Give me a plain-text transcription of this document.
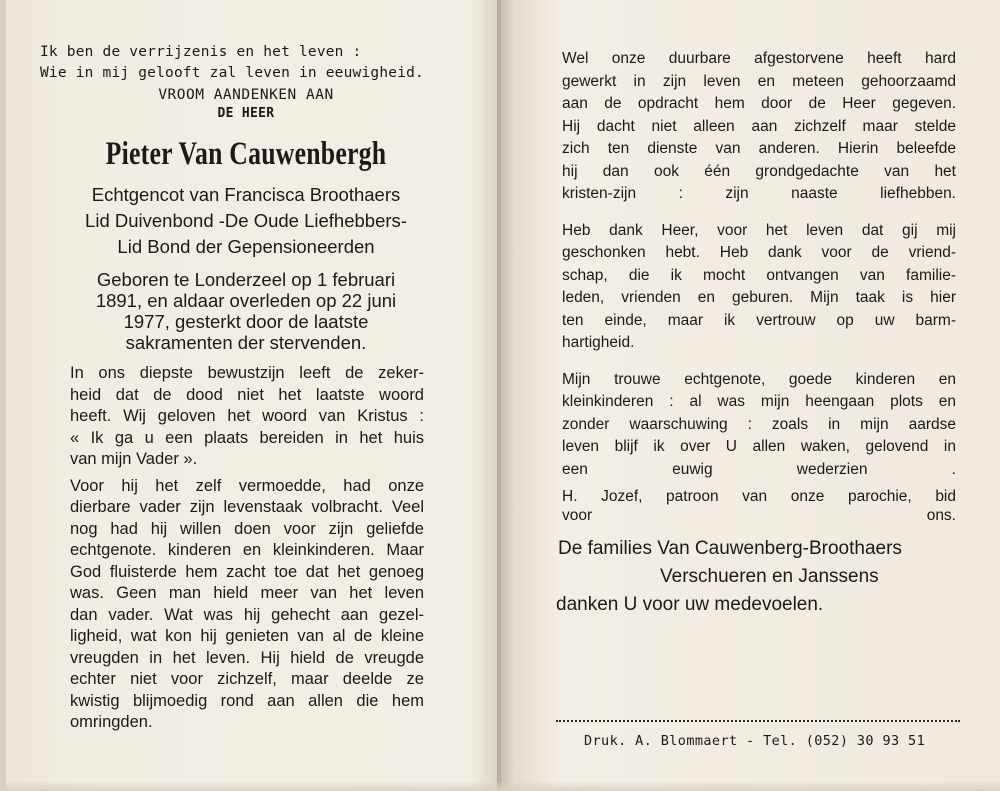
Ik ben de verrijzenis en het leven :
Wie in mij gelooft zal leven in eeuwigheid.
VROOM AANDENKEN AAN
DE HEER
Pieter Van Cauwenbergh
Echtgencot van Francisca Broothaers
Lid Duivenbond -De Oude Liefhebbers-
Lid Bond der Gepensioneerden
Geboren te Londerzeel op 1 februari
1891, en aldaar overleden op 22 juni
1977, gesterkt door de laatste
sakramenten der stervenden.

In ons diepste bewustzijn leeft de zeker-

heid dat de dood niet het laatste woord

heeft. Wij geloven het woord van Kristus :

« Ik ga u een plaats bereiden in het huis

van mijn Vader ».

Voor hij het zelf vermoedde, had onze

dierbare vader zijn levenstaak volbracht. Veel

nog had hij willen doen voor zijn geliefde

echtgenote. kinderen en kleinkinderen. Maar

God fluisterde hem zacht toe dat het genoeg

was. Geen man hield meer van het leven

dan vader. Wat was hij gehecht aan gezel-

ligheid, wat kon hij genieten van al de kleine

vreugden in het leven. Hij hield de vreugde

echter niet voor zichzelf, maar deelde ze

kwistig blijmoedig rond aan allen die hem

omringden.

Wel onze duurbare afgestorvene heeft hard

gewerkt in zijn leven en meteen gehoorzaamd

aan de opdracht hem door de Heer gegeven.

Hij dacht niet alleen aan zichzelf maar stelde

zich ten dienste van anderen. Hierin beleefde

hij dan ook één grondgedachte van het

kristen-zijn : zijn naaste liefhebben.

Heb dank Heer, voor het leven dat gij mij

geschonken hebt. Heb dank voor de vriend-

schap, die ik mocht ontvangen van familie-

leden, vrienden en geburen. Mijn taak is hier

ten einde, maar ik vertrouw op uw barm-

hartigheid.

Mijn trouwe echtgenote, goede kinderen en

kleinkinderen : al was mijn heengaan plots en

zonder waarschuwing : zoals in mijn aardse

leven blijf ik over U allen waken, gelovend in

een euwig wederzien .

H. Jozef, patroon van onze parochie, bid

voor ons.

De families Van Cauwenberg-Broothaers
Verschueren en Janssens
danken U voor uw medevoelen.
Druk. A. Blommaert - Tel. (052) 30 93 51
